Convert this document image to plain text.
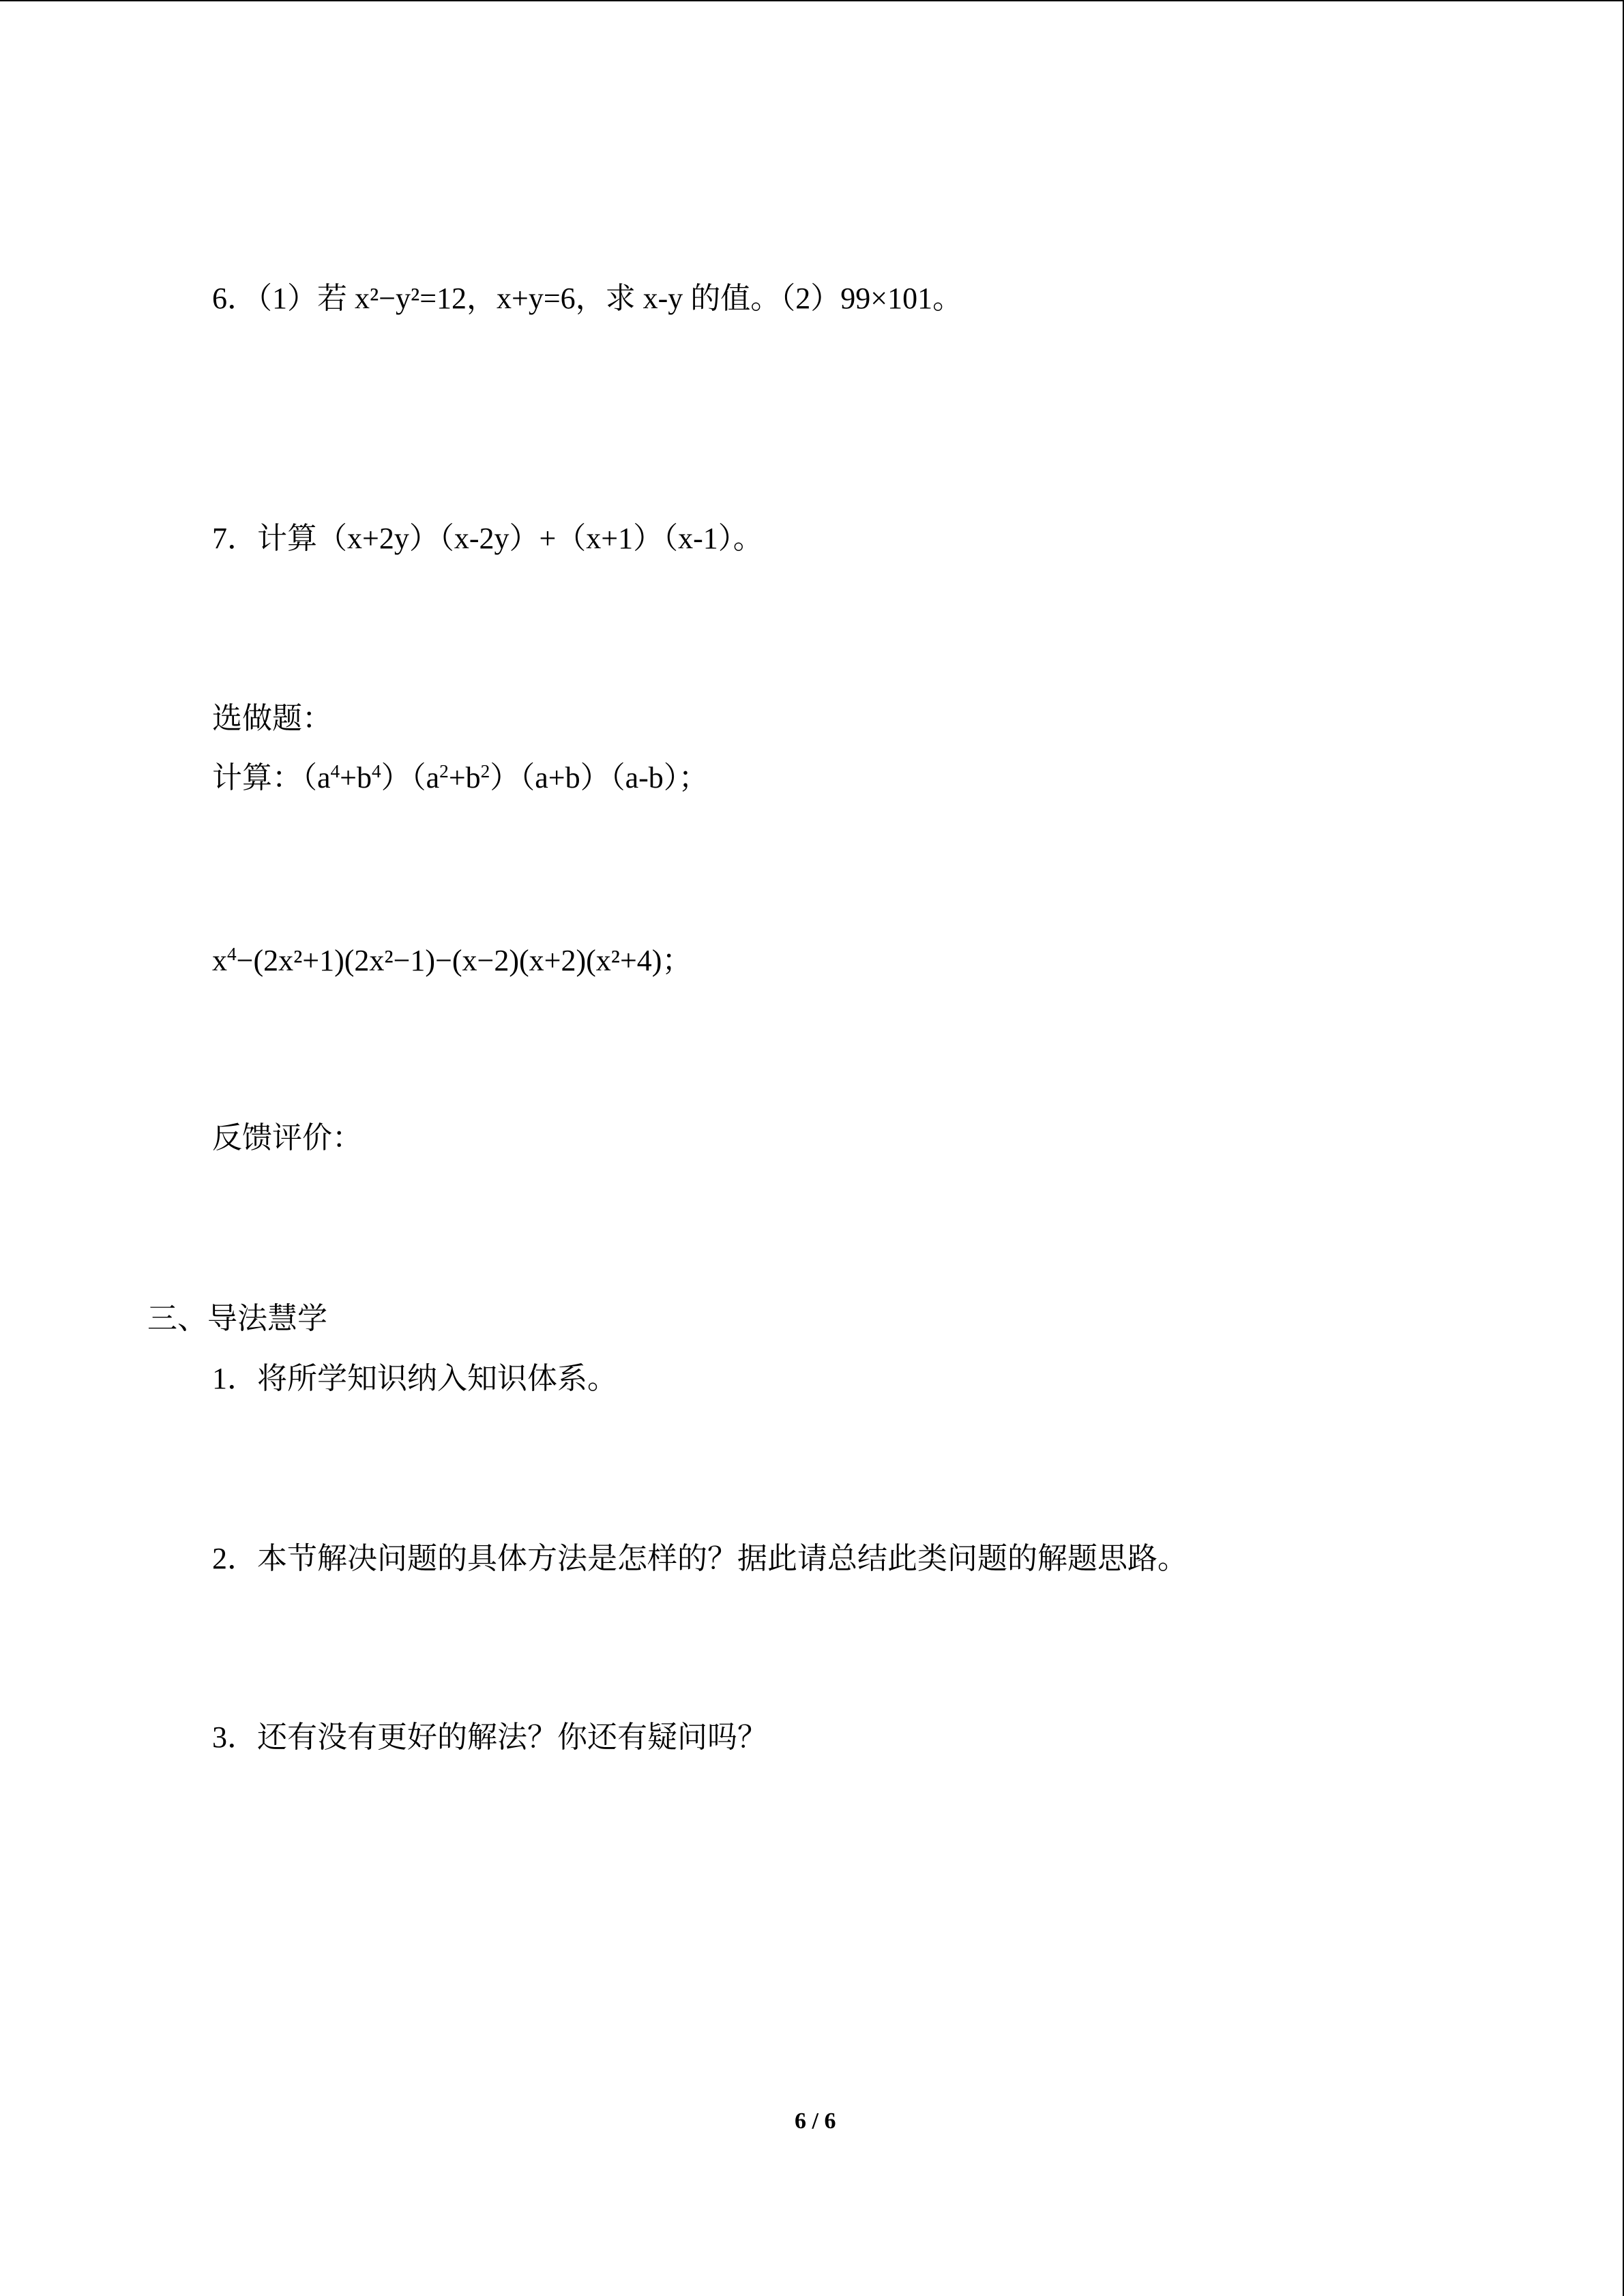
6．（1）若 x²−y²=12，x+y=6，求 x-y 的值。（2）99×101。
7．计算（x+2y）（x-2y）+（x+1）（x-1）。
选做题：
计算：$(a^4+b^4)(a^2+b^2)(a+b)(a-b)$；
$x^4-(2x^2+1)(2x^2-1)-(x-2)(x+2)(x^2+4)$；
反馈评价：
三、导法慧学
1．将所学知识纳入知识体系。
2．本节解决问题的具体方法是怎样的？据此请总结此类问题的解题思路。
3．还有没有更好的解法？你还有疑问吗？
6 / 6
